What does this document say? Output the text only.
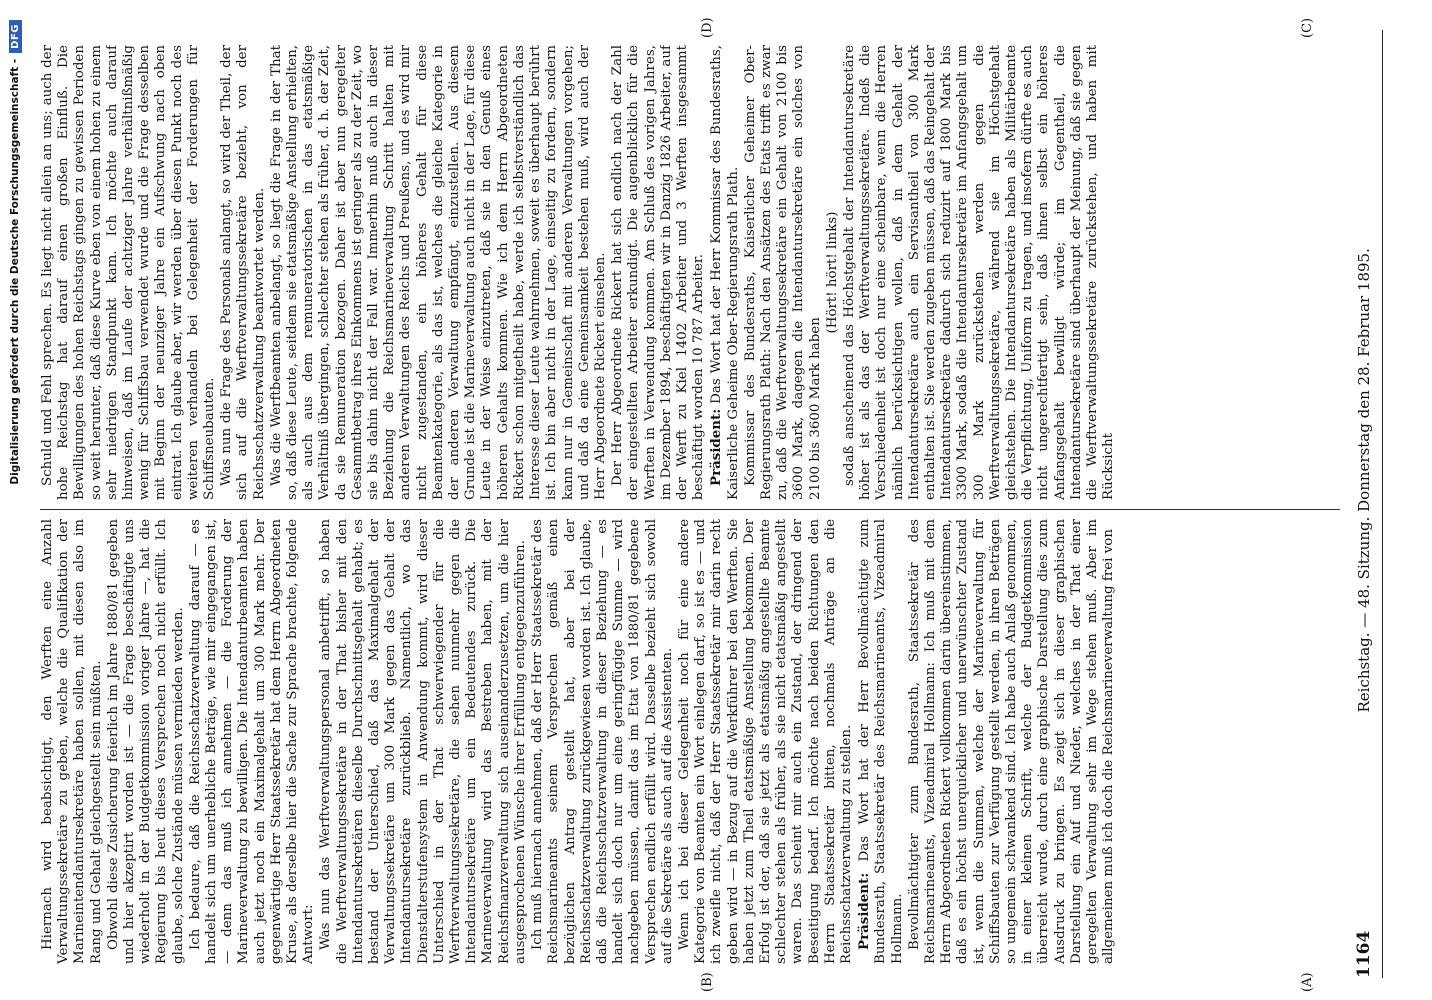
Digitalisierung gefördert durch die Deutsche Forschungsgemeinschaft -
DFG
1164
Reichstag. — 48. Sitzung. Donnerstag den 28. Februar 1895.
(A)
(B)
(C)
(D)

Hiernach wird beabsichtigt, den Werften eine Anzahl Verwaltungssekretäre zu geben, welche die Qualifikation der Marineintendantursekretäre haben sollen, mit diesen also im Rang und Gehalt gleichgestellt sein müßten. Obwohl diese Zusicherung feierlich im Jahre 1880/81 gegeben und hier akzeptirt worden ist — die Frage beschäftigte uns wiederholt in der Budgetkommission voriger Jahre —, hat die Regierung bis heut dieses Versprechen noch nicht erfüllt. Ich glaube, solche Zustände müssen vermieden werden. Ich bedaure, daß die Reichsschatzverwaltung darauf — es handelt sich um unerhebliche Beträge, wie mir eingegangen ist, — denn das muß ich annehmen — die Forderung der Marineverwaltung zu bewilligen. Die Intendanturbeamten haben auch jetzt noch ein Maximalgehalt um 300 Mark mehr. Der gegenwärtige Herr Staatssekretär hat dem Herrn Abgeordneten Kruse, als derselbe hier die Sache zur Sprache brachte, folgende Antwort: Was nun das Werftverwaltungspersonal anbetrifft, so haben die Werftverwaltungssekretäre in der That bisher mit den Intendantursekretären dieselbe Durchschnittsgehalt gehabt; es bestand der Unterschied, daß das Maximalgehalt der Verwaltungssekretäre um 300 Mark gegen das Gehalt der Intendantursekretäre zurückblieb. Namentlich, wo das Dienstalterstufensystem in Anwendung kommt, wird dieser Unterschied in der That schwerwiegender für die Werftverwaltungssekretäre, die sehen nunmehr gegen die Intendantursekretäre um ein Bedeutendes zurück. Die Marineverwaltung wird das Bestreben haben, mit der Reichsfinanzverwaltung sich auseinanderzusetzen, um die hier ausgesprochenen Wünsche ihrer Erfüllung entgegenzuführen. Ich muß hiernach annehmen, daß der Herr Staatssekretär des Reichsmarineamts seinem Versprechen gemäß einen bezüglichen Antrag gestellt hat, aber bei der Reichsschatzverwaltung zurückgewiesen worden ist. Ich glaube, daß die Reichsschatzverwaltung in dieser Beziehung — es handelt sich doch nur um eine geringfügige Summe — wird nachgeben müssen, damit das im Etat von 1880/81 gegebene Versprechen endlich erfüllt wird. Dasselbe bezieht sich sowohl auf die Sekretäre als auch auf die Assistenten. Wenn ich bei dieser Gelegenheit noch für eine andere Kategorie von Beamten ein Wort einlegen darf, so ist es — und ich zweifle nicht, daß der Herr Staatssekretär mir darin recht geben wird — in Bezug auf die Werkführer bei den Werften. Sie haben jetzt zum Theil etatsmäßige Anstellung bekommen. Der Erfolg ist der, daß sie jetzt als etatsmäßig angestellte Beamte schlechter stehen als früher, als sie nicht etatsmäßig angestellt waren. Das scheint mir auch ein Zustand, der dringend der Beseitigung bedarf. Ich möchte nach beiden Richtungen den Herrn Staatssekretär bitten, nochmals Anträge an die Reichsschatzverwaltung zu stellen. Präsident: Das Wort hat der Herr Bevollmächtigte zum Bundesrath, Staatssekretär des Reichsmarineamts, Vizeadmiral Hollmann. Bevollmächtigter zum Bundesrath, Staatssekretär des Reichsmarineamts, Vizeadmiral Hollmann: Ich muß mit dem Herrn Abgeordneten Rickert vollkommen darin übereinstimmen, daß es ein höchst unerquicklicher und unerwünschter Zustand ist, wenn die Summen, welche der Marineverwaltung für Schiffsbauten zur Verfügung gestellt werden, in ihren Beträgen so ungemein schwankend sind. Ich habe auch Anlaß genommen, in einer kleinen Schrift, welche der Budgetkommission überreicht wurde, durch eine graphische Darstellung dies zum Ausdruck zu bringen. Es zeigt sich in dieser graphischen Darstellung ein Auf und Nieder, welches in der That einer geregelten Verwaltung sehr im Wege stehen muß. Aber im allgemeinen muß ich doch die Reichsmarineverwaltung frei von

Schuld und Fehl sprechen. Es liegt nicht allein an uns; auch der hohe Reichstag hat darauf einen großen Einfluß. Die Bewilligungen des hohen Reichstags gingen zu gewissen Perioden so weit herunter, daß diese Kurve eben von einem hohen zu einem sehr niedrigen Standpunkt kam. Ich möchte auch darauf hinweisen, daß im Laufe der achtziger Jahre verhältnißmäßig wenig für Schiffsbau verwendet wurde und die Frage desselben mit Beginn der neunziger Jahre ein Aufschwung nach oben eintrat. Ich glaube aber, wir werden über diesen Punkt noch des weiteren verhandeln bei Gelegenheit der Forderungen für Schiffsneubauten. Was nun die Frage des Personals anlangt, so wird der Theil, der sich auf die Werftverwaltungssekretäre bezieht, von der Reichsschatzverwaltung beantwortet werden. Was die Werftbeamten anbelangt, so liegt die Frage in der That so, daß diese Leute, seitdem sie etatsmäßige Anstellung erhielten, als auch aus dem remuneratorischen in das etatsmäßige Verhältniß übergingen, schlechter stehen als früher, d. h. der Zeit, da sie Remuneration bezogen. Daher ist aber nun geregelter Gesammtbetrag ihres Einkommens ist geringer als zu der Zeit, wo sie bis dahin nicht der Fall war. Immerhin muß auch in dieser Beziehung die Reichsmarineverwaltung Schritt halten mit anderen Verwaltungen des Reichs und Preußens, und es wird mir nicht zugestanden, ein höheres Gehalt für diese Beamtenkategorie, als das ist, welches die gleiche Kategorie in der anderen Verwaltung empfängt, einzustellen. Aus diesem Grunde ist die Marineverwaltung auch nicht in der Lage, für diese Leute in der Weise einzutreten, daß sie in den Genuß eines höheren Gehalts kommen. Wie ich dem Herrn Abgeordneten Rickert schon mitgetheilt habe, werde ich selbstverständlich das Interesse dieser Leute wahrnehmen, soweit es überhaupt berührt ist. Ich bin aber nicht in der Lage, einseitig zu fordern, sondern kann nur in Gemeinschaft mit anderen Verwaltungen vorgehen; und daß da eine Gemeinsamkeit bestehen muß, wird auch der Herr Abgeordnete Rickert einsehen. Der Herr Abgeordnete Rickert hat sich endlich nach der Zahl der eingestellten Arbeiter erkundigt. Die augenblicklich für die Werften in Verwendung kommen. Am Schluß des vorigen Jahres, im Dezember 1894, beschäftigten wir in Danzig 1826 Arbeiter, auf der Werft zu Kiel 1402 Arbeiter und 3 Werften insgesammt beschäftigt worden 10 787 Arbeiter. Präsident: Das Wort hat der Herr Kommissar des Bundesraths, Kaiserliche Geheime Ober-Regierungsrath Plath. Kommissar des Bundesraths, Kaiserlicher Geheimer Ober-Regierungsrath Plath: Nach den Ansätzen des Etats trifft es zwar zu, daß die Werftverwaltungssekretäre ein Gehalt von 2100 bis 3600 Mark, dagegen die Intendantursekretäre ein solches von 2100 bis 3600 Mark haben

(Hört! hört! links) sodaß anscheinend das Höchstgehalt der Intendantursekretäre höher ist als das der Werftverwaltungssekretäre. Indeß die Verschiedenheit ist doch nur eine scheinbare, wenn die Herren nämlich berücksichtigen wollen, daß in dem Gehalt der Intendantursekretäre auch ein Servisantheil von 300 Mark enthalten ist. Sie werden zugeben müssen, daß das Reingehalt der Intendantursekretäre dadurch sich reduzirt auf 1800 Mark bis 3300 Mark, sodaß die Intendantursekretäre im Anfangsgehalt um 300 Mark zurückstehen werden gegen die Werftverwaltungssekretäre, während sie im Höchstgehalt gleichstehen. Die Intendantursekretäre haben als Militärbeamte die Verpflichtung, Uniform zu tragen, und insofern dürfte es auch nicht ungerechtfertigt sein, daß ihnen selbst ein höheres Anfangsgehalt bewilligt würde; im Gegentheil, die Intendantursekretäre sind überhaupt der Meinung, daß sie gegen die Werftverwaltungssekretäre zurückstehen, und haben mit Rücksicht
